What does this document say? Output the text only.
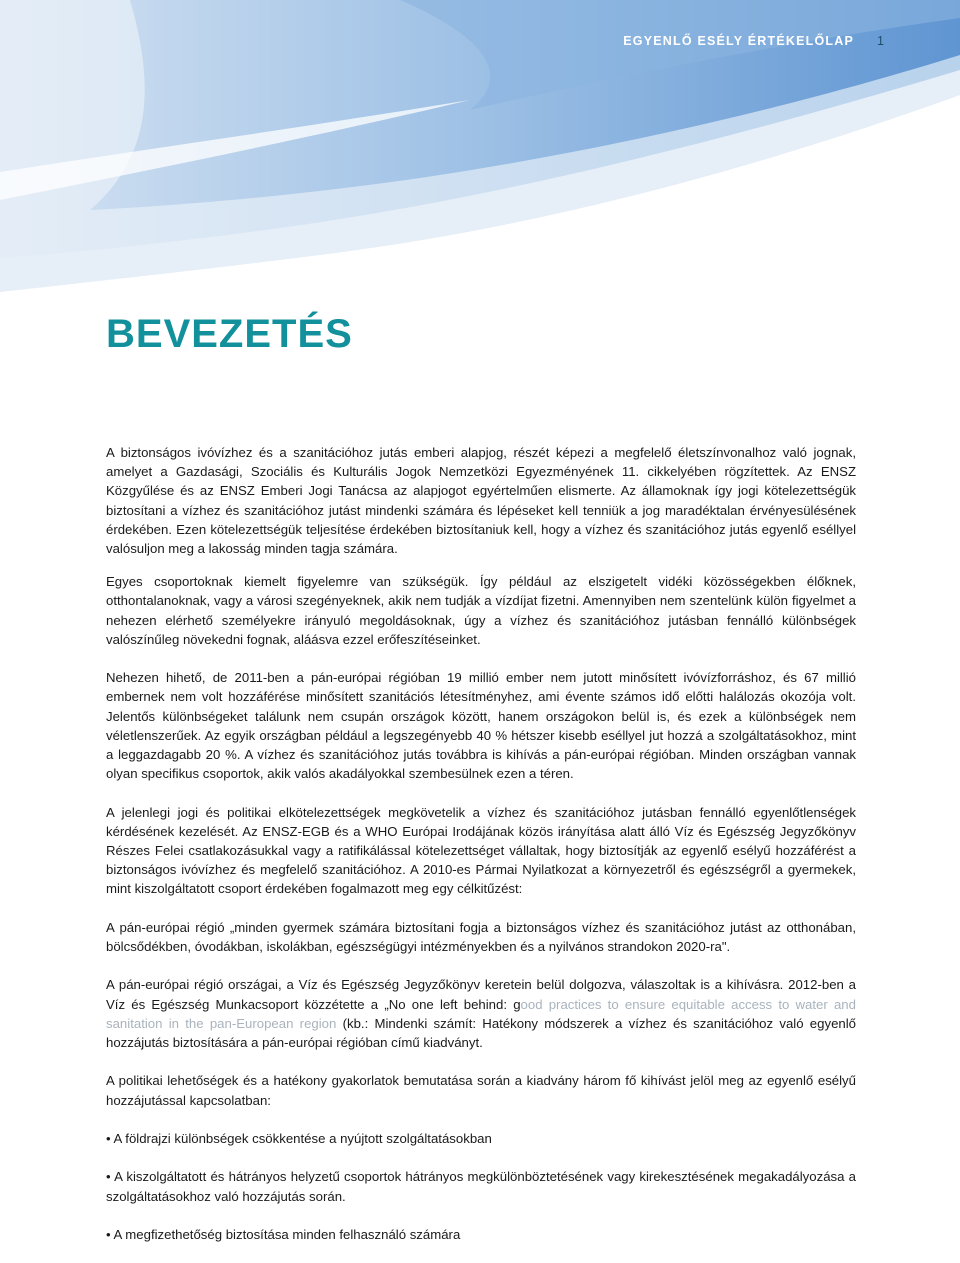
EGYENLŐ ESÉLY ÉRTÉKELŐLAP 1
BEVEZETÉS

A biztonságos ivóvízhez és a szanitációhoz jutás emberi alapjog, részét képezi a megfelelő életszínvonalhoz való jognak, amelyet a Gazdasági, Szociális és Kulturális Jogok Nemzetközi Egyezményének 11. cikkelyében rögzítettek. Az ENSZ Közgyűlése és az ENSZ Emberi Jogi Tanácsa az alapjogot egyértelműen elismerte. Az államoknak így jogi kötelezettségük biztosítani a vízhez és szanitációhoz jutást mindenki számára és lépéseket kell tenniük a jog maradéktalan érvényesülésének érdekében. Ezen kötelezettségük teljesítése érdekében biztosítaniuk kell, hogy a vízhez és szanitációhoz jutás egyenlő eséllyel valósuljon meg a lakosság minden tagja számára.

Egyes csoportoknak kiemelt figyelemre van szükségük. Így például az elszigetelt vidéki közösségekben élőknek, otthontalanoknak, vagy a városi szegényeknek, akik nem tudják a vízdíjat fizetni. Amennyiben nem szentelünk külön figyelmet a nehezen elérhető személyekre irányuló megoldásoknak, úgy a vízhez és szanitációhoz jutásban fennálló különbségek valószínűleg növekedni fognak, aláásva ezzel erőfeszítéseinket.

Nehezen hihető, de 2011-ben a pán-európai régióban 19 millió ember nem jutott minősített ivóvízforráshoz, és 67 millió embernek nem volt hozzáférése minősített szanitációs létesítményhez, ami évente számos idő előtti halálozás okozója volt. Jelentős különbségeket találunk nem csupán országok között, hanem országokon belül is, és ezek a különbségek nem véletlenszerűek. Az egyik országban például a legszegényebb 40 % hétszer kisebb eséllyel jut hozzá a szolgáltatásokhoz, mint a leggazdagabb 20 %. A vízhez és szanitációhoz jutás továbbra is kihívás a pán-európai régióban. Minden országban vannak olyan specifikus csoportok, akik valós akadályokkal szembesülnek ezen a téren.

A jelenlegi jogi és politikai elkötelezettségek megkövetelik a vízhez és szanitációhoz jutásban fennálló egyenlőtlenségek kérdésének kezelését. Az ENSZ-EGB és a WHO Európai Irodájának közös irányítása alatt álló Víz és Egészség Jegyzőkönyv Részes Felei csatlakozásukkal vagy a ratifikálással kötelezettséget vállaltak, hogy biztosítják az egyenlő esélyű hozzáférést a biztonságos ivóvízhez és megfelelő szanitációhoz. A 2010-es Pármai Nyilatkozat a környezetről és egészségről a gyermekek, mint kiszolgáltatott csoport érdekében fogalmazott meg egy célkitűzést:

A pán-európai régió „minden gyermek számára biztosítani fogja a biztonságos vízhez és szanitációhoz jutást az otthonában, bölcsődékben, óvodákban, iskolákban, egészségügyi intézményekben és a nyilvános strandokon 2020-ra".

A pán-európai régió országai, a Víz és Egészség Jegyzőkönyv keretein belül dolgozva, válaszoltak is a kihívásra. 2012-ben a Víz és Egészség Munkacsoport közzétette a „No one left behind: good practices to ensure equitable access to water and sanitation in the pan-European region (kb.: Mindenki számít: Hatékony módszerek a vízhez és szanitációhoz való egyenlő hozzájutás biztosítására a pán-európai régióban című kiadványt.

A politikai lehetőségek és a hatékony gyakorlatok bemutatása során a kiadvány három fő kihívást jelöl meg az egyenlő esélyű hozzájutással kapcsolatban:

• A földrajzi különbségek csökkentése a nyújtott szolgáltatásokban
• A kiszolgáltatott és hátrányos helyzetű csoportok hátrányos megkülönböztetésének vagy kirekesztésének megakadályozása a szolgáltatásokhoz való hozzájutás során.
• A megfizethetőség biztosítása minden felhasználó számára
